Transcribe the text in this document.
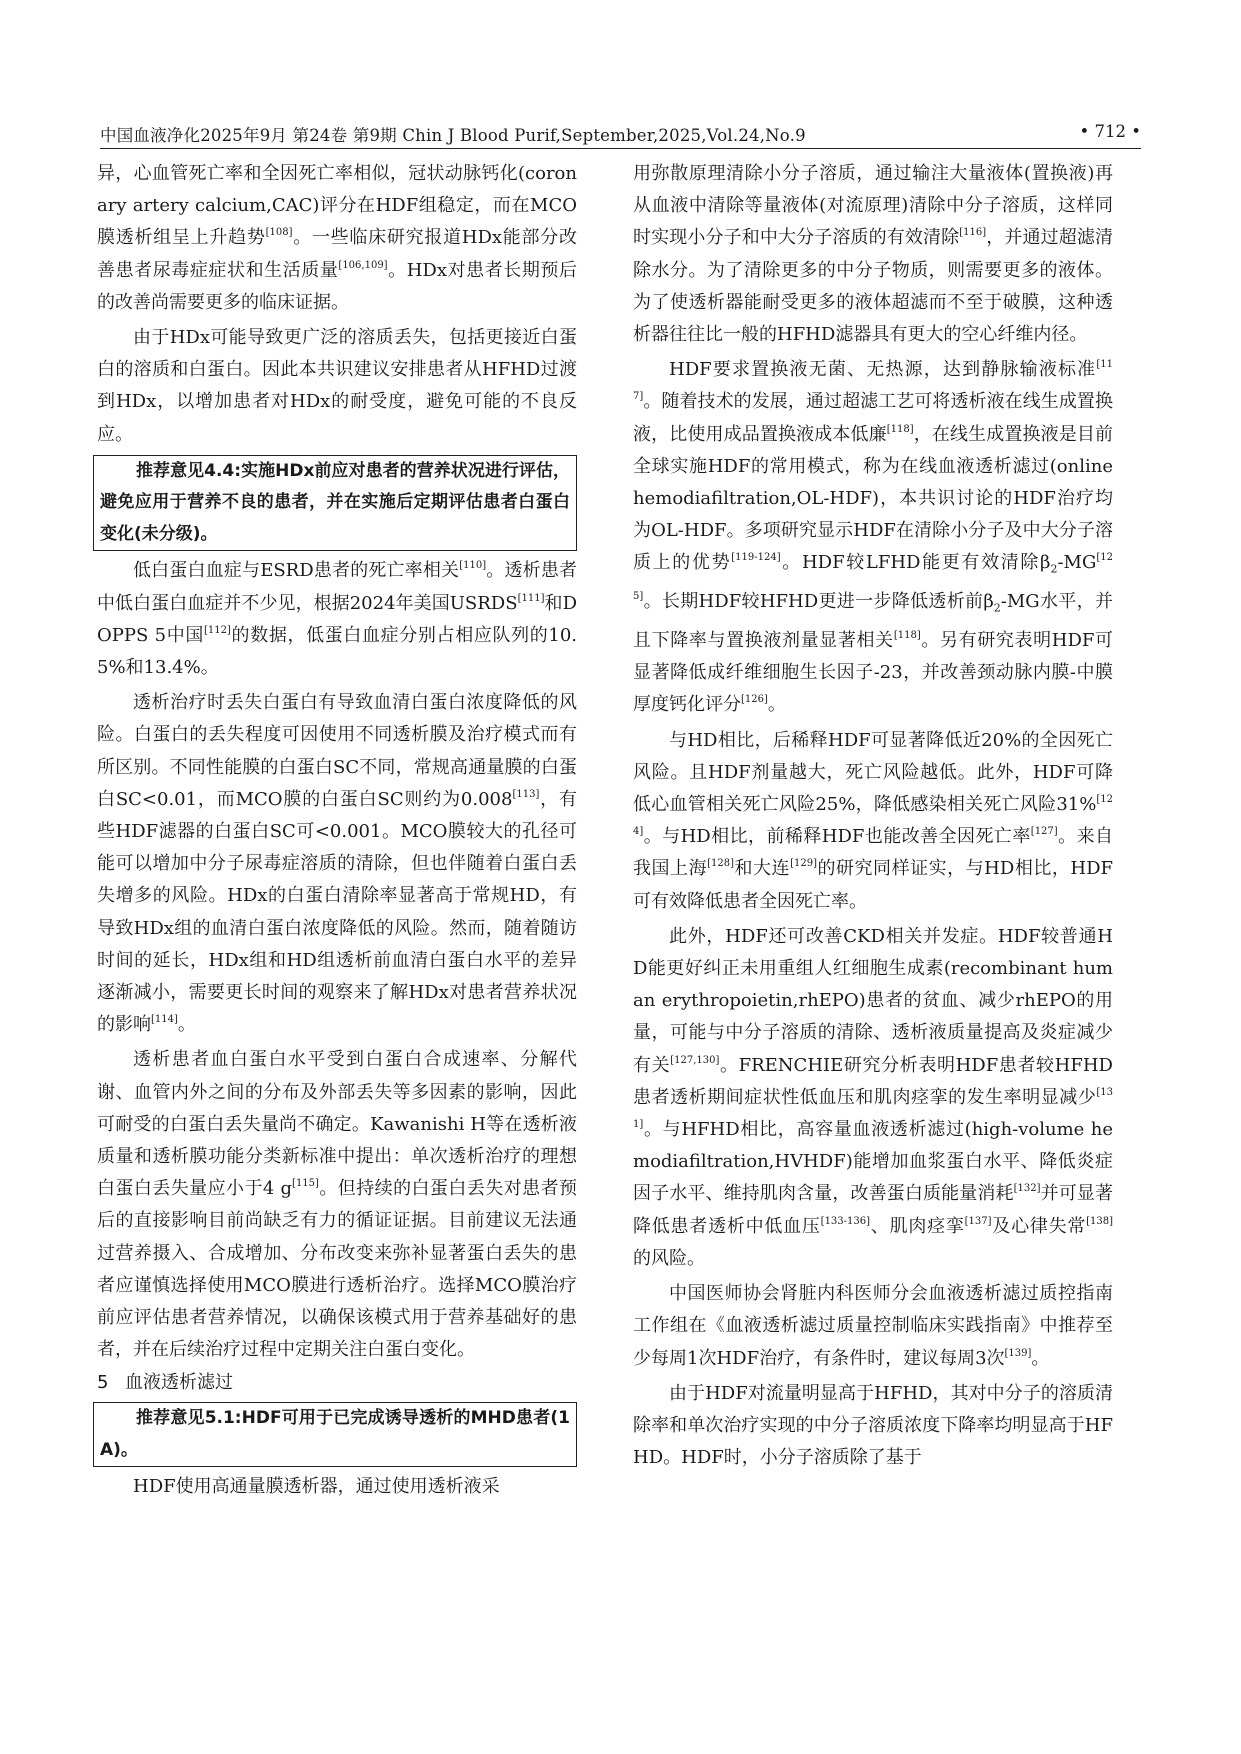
中国血液净化2025年9月 第24卷 第9期 Chin J Blood Purif,September,2025,Vol.24,No.9	• 712 •

异，心血管死亡率和全因死亡率相似，冠状动脉钙化(coronary artery calcium,CAC)评分在HDF组稳定，而在MCO膜透析组呈上升趋势[108]。一些临床研究报道HDx能部分改善患者尿毒症症状和生活质量[106,109]。HDx对患者长期预后的改善尚需要更多的临床证据。

由于HDx可能导致更广泛的溶质丢失，包括更接近白蛋白的溶质和白蛋白。因此本共识建议安排患者从HFHD过渡到HDx，以增加患者对HDx的耐受度，避免可能的不良反应。

推荐意见4.4:实施HDx前应对患者的营养状况进行评估，避免应用于营养不良的患者，并在实施后定期评估患者白蛋白变化(未分级)。

低白蛋白血症与ESRD患者的死亡率相关[110]。透析患者中低白蛋白血症并不少见，根据2024年美国USRDS[111]和DOPPS 5中国[112]的数据，低蛋白血症分别占相应队列的10.5%和13.4%。

透析治疗时丢失白蛋白有导致血清白蛋白浓度降低的风险。白蛋白的丢失程度可因使用不同透析膜及治疗模式而有所区别。不同性能膜的白蛋白SC不同，常规高通量膜的白蛋白SC<0.01，而MCO膜的白蛋白SC则约为0.008[113]，有些HDF滤器的白蛋白SC可<0.001。MCO膜较大的孔径可能可以增加中分子尿毒症溶质的清除，但也伴随着白蛋白丢失增多的风险。HDx的白蛋白清除率显著高于常规HD，有导致HDx组的血清白蛋白浓度降低的风险。然而，随着随访时间的延长，HDx组和HD组透析前血清白蛋白水平的差异逐渐减小，需要更长时间的观察来了解HDx对患者营养状况的影响[114]。

透析患者血白蛋白水平受到白蛋白合成速率、分解代谢、血管内外之间的分布及外部丢失等多因素的影响，因此可耐受的白蛋白丢失量尚不确定。Kawanishi H等在透析液质量和透析膜功能分类新标准中提出：单次透析治疗的理想白蛋白丢失量应小于4 g[115]。但持续的白蛋白丢失对患者预后的直接影响目前尚缺乏有力的循证证据。目前建议无法通过营养摄入、合成增加、分布改变来弥补显著蛋白丢失的患者应谨慎选择使用MCO膜进行透析治疗。选择MCO膜治疗前应评估患者营养情况，以确保该模式用于营养基础好的患者，并在后续治疗过程中定期关注白蛋白变化。

5 血液透析滤过
推荐意见5.1:HDF可用于已完成诱导透析的MHD患者(1A)。

HDF使用高通量膜透析器，通过使用透析液采

用弥散原理清除小分子溶质，通过输注大量液体(置换液)再从血液中清除等量液体(对流原理)清除中分子溶质，这样同时实现小分子和中大分子溶质的有效清除[116]，并通过超滤清除水分。为了清除更多的中分子物质，则需要更多的液体。为了使透析器能耐受更多的液体超滤而不至于破膜，这种透析器往往比一般的HFHD滤器具有更大的空心纤维内径。

HDF要求置换液无菌、无热源，达到静脉输液标准[117]。随着技术的发展，通过超滤工艺可将透析液在线生成置换液，比使用成品置换液成本低廉[118]，在线生成置换液是目前全球实施HDF的常用模式，称为在线血液透析滤过(online hemodiafiltration,OL-HDF)，本共识讨论的HDF治疗均为OL-HDF。多项研究显示HDF在清除小分子及中大分子溶质上的优势[119-124]。HDF较LFHD能更有效清除$\beta_2-MG[125]$。长期HDF较HFHD更进一步降低透析前$\beta_2-MG$水平，并且下降率与置换液剂量显著相关[118]。另有研究表明HDF可显著降低成纤维细胞生长因子-23，并改善颈动脉内膜-中膜厚度钙化评分[126]。

与HD相比，后稀释HDF可显著降低近20%的全因死亡风险。且HDF剂量越大，死亡风险越低。此外，HDF可降低心血管相关死亡风险25%，降低感染相关死亡风险31%[124]。与HD相比，前稀释HDF也能改善全因死亡率[127]。来自我国上海[128]和大连[129]的研究同样证实，与HD相比，HDF可有效降低患者全因死亡率。

此外，HDF还可改善CKD相关并发症。HDF较普通HD能更好纠正未用重组人红细胞生成素(recombinant human erythropoietin,rhEPO)患者的贫血、减少rhEPO的用量，可能与中分子溶质的清除、透析液质量提高及炎症减少有关[127,130]。FRENCHIE研究分析表明HDF患者较HFHD患者透析期间症状性低血压和肌肉痉挛的发生率明显减少[131]。与HFHD相比，高容量血液透析滤过(high-volume hemodiafiltration,HVHDF)能增加血浆蛋白水平、降低炎症因子水平、维持肌肉含量，改善蛋白质能量消耗[132]并可显著降低患者透析中低血压[133-136]、肌肉痉挛[137]及心律失常[138]的风险。

中国医师协会肾脏内科医师分会血液透析滤过质控指南工作组在《血液透析滤过质量控制临床实践指南》中推荐至少每周1次HDF治疗，有条件时，建议每周3次[139]。

由于HDF对流量明显高于HFHD，其对中分子的溶质清除率和单次治疗实现的中分子溶质浓度下降率均明显高于HFHD。HDF时，小分子溶质除了基于
